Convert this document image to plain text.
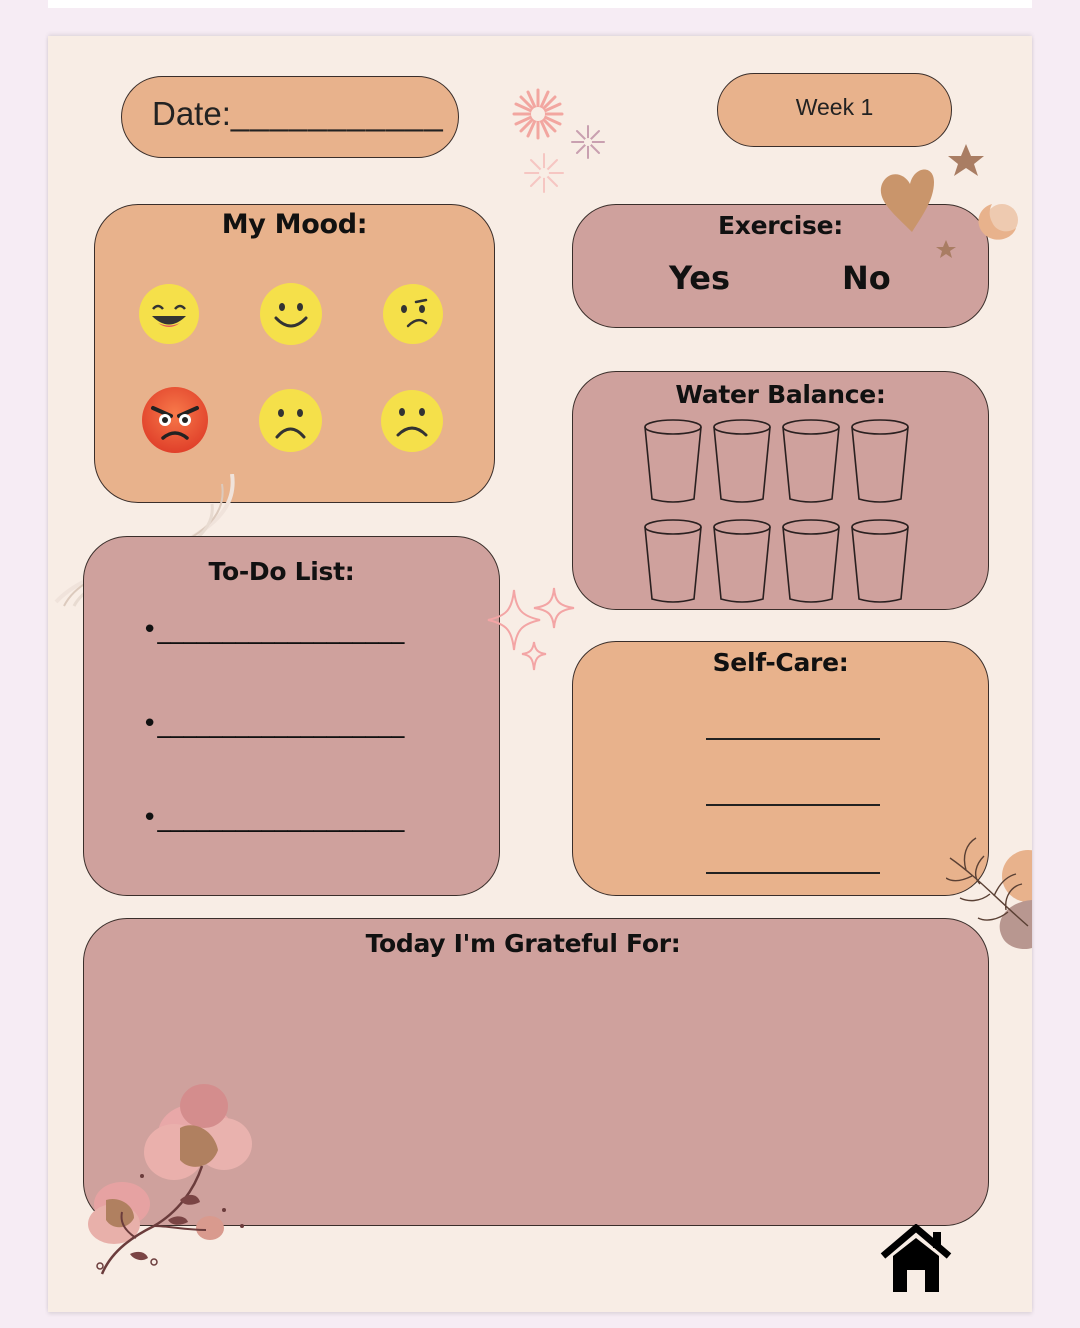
Date:___________	Week 1
My Mood:	Exercise:
Yes	No
Water Balance:
To-Do List:
•___________________
•___________________
•___________________
Self-Care:
Today I'm Grateful For:
